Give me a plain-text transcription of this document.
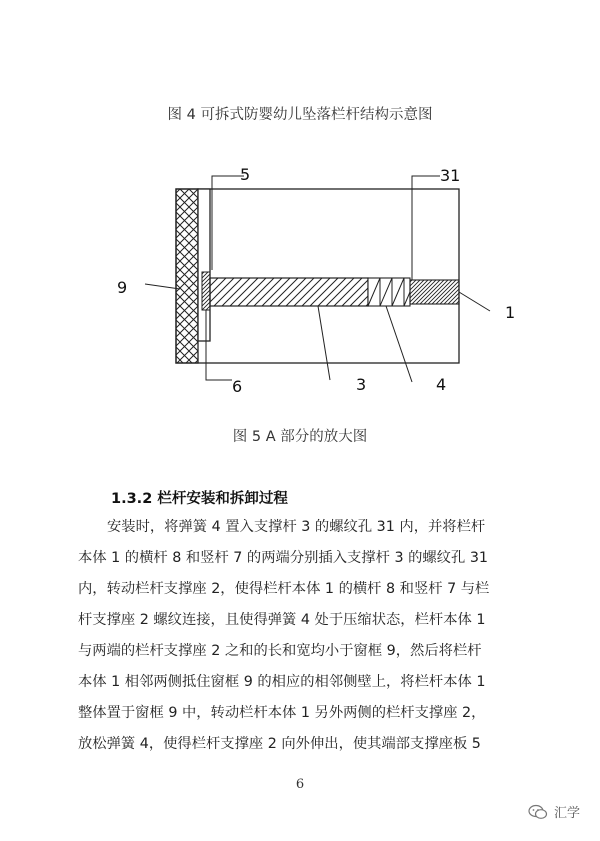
图 4 可拆式防婴幼儿坠落栏杆结构示意图
5	31
9
1
6	3	4
图 5 A 部分的放大图
1.3.2 栏杆安装和拆卸过程
安装时，将弹簧 4 置入支撑杆 3 的螺纹孔 31 内，并将栏杆
本体 1 的横杆 8 和竖杆 7 的两端分别插入支撑杆 3 的螺纹孔 31
内，转动栏杆支撑座 2，使得栏杆本体 1 的横杆 8 和竖杆 7 与栏
杆支撑座 2 螺纹连接，且使得弹簧 4 处于压缩状态，栏杆本体 1
与两端的栏杆支撑座 2 之和的长和宽均小于窗框 9，然后将栏杆
本体 1 相邻两侧抵住窗框 9 的相应的相邻侧壁上，将栏杆本体 1
整体置于窗框 9 中，转动栏杆本体 1 另外两侧的栏杆支撑座 2，
放松弹簧 4，使得栏杆支撑座 2 向外伸出，使其端部支撑座板 5
6
汇学
